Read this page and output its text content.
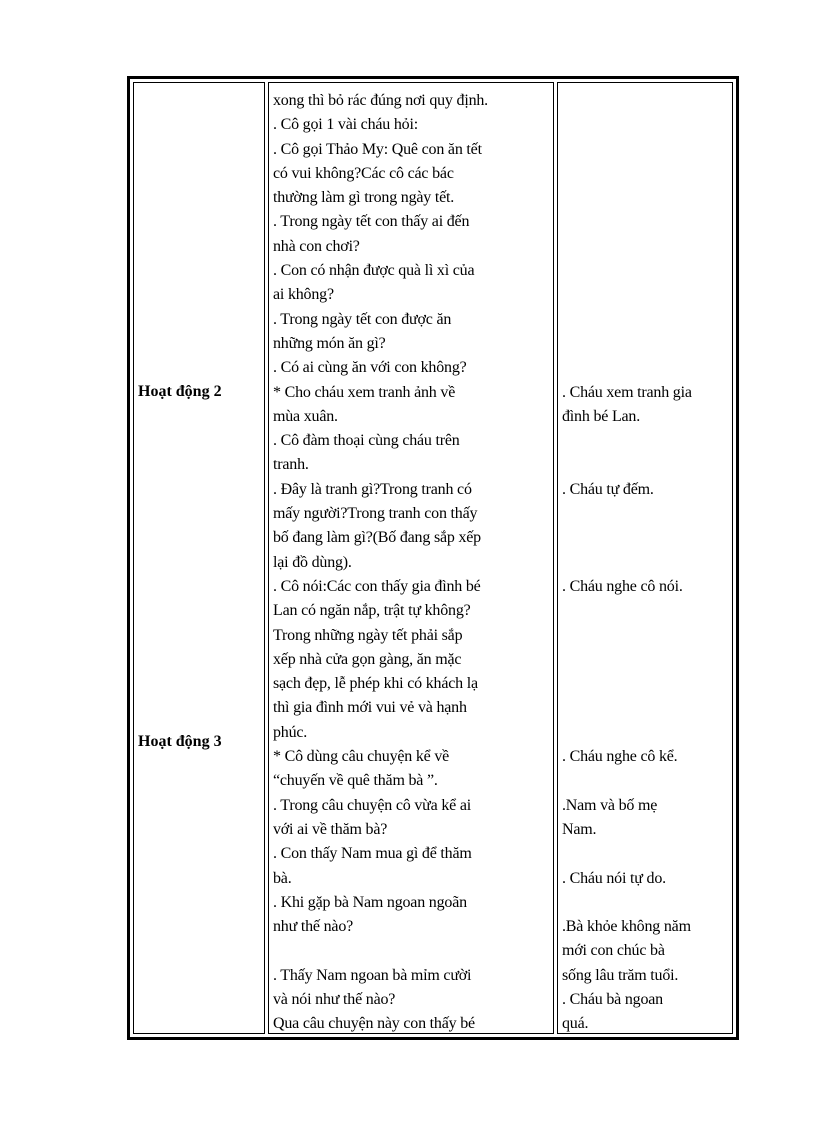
Hoạt động 2
Hoạt động 3
xong thì bỏ rác đúng nơi quy định.
. Cô gọi 1 vài cháu hỏi:
. Cô gọi Thảo My: Quê con ăn tết
có vui không?Các cô các bác
thường làm gì trong ngày tết.
. Trong ngày tết con thấy ai đến
nhà con chơi?
. Con có nhận được quà lì xì của
ai không?
. Trong ngày tết con được ăn
những món ăn gì?
. Có ai cùng ăn với con không?
* Cho cháu xem tranh ảnh về
mùa xuân.
. Cô đàm thoại cùng cháu trên
tranh.
. Đây là tranh gì?Trong tranh có
mấy người?Trong tranh con thấy
bố đang làm gì?(Bố đang sắp xếp
lại đồ dùng).
. Cô nói:Các con thấy gia đình bé
Lan có ngăn nắp, trật tự không?
Trong những ngày tết phải sắp
xếp nhà cửa gọn gàng, ăn mặc
sạch đẹp, lễ phép khi có khách lạ
thì gia đình mới vui vẻ và hạnh
phúc.
* Cô dùng câu chuyện kể về
“chuyến về quê thăm bà ”.
. Trong câu chuyện cô vừa kể ai
với ai về thăm bà?
. Con thấy Nam mua gì để thăm
bà.
. Khi gặp bà Nam ngoan ngoãn
như thế nào?
. Thấy Nam ngoan bà mỉm cười
và nói như thế nào?
Qua câu chuyện này con thấy bé
. Cháu xem tranh gia
đình bé Lan.
. Cháu tự đếm.
. Cháu nghe cô nói.
. Cháu nghe cô kể.
.Nam và bố mẹ
Nam.
. Cháu nói tự do.
.Bà khỏe không năm
mới con chúc bà
sống lâu trăm tuổi.
. Cháu bà ngoan
quá.
